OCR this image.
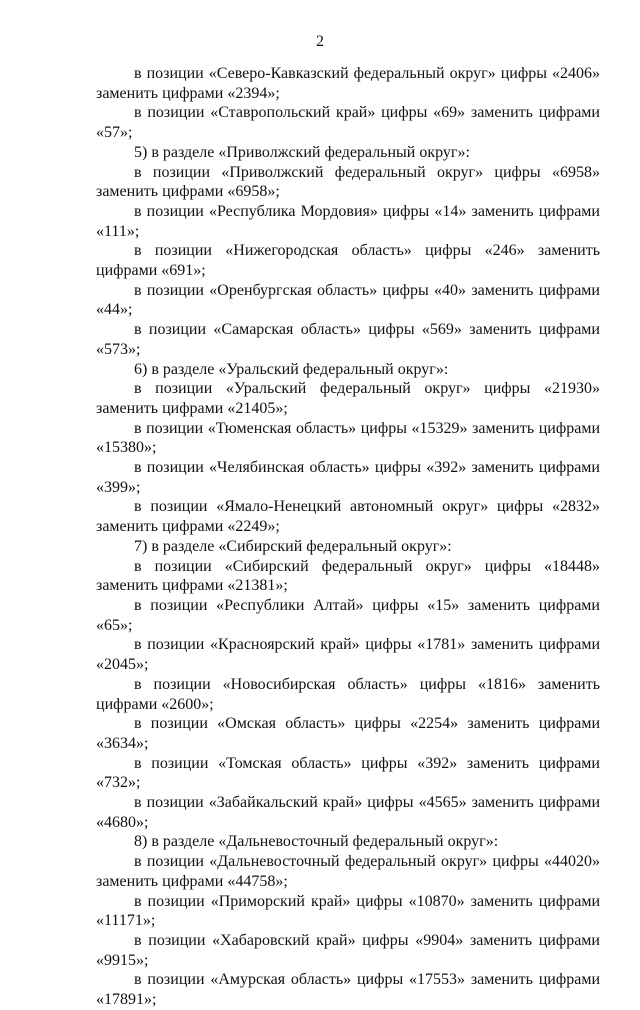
2

в позиции «Северо-Кавказский федеральный округ» цифры «2406» заменить цифрами «2394»;

в позиции «Ставропольский край» цифры «69» заменить цифрами «57»;

5) в разделе «Приволжский федеральный округ»:

в позиции «Приволжский федеральный округ» цифры «6958» заменить цифрами «6958»;

в позиции «Республика Мордовия» цифры «14» заменить цифрами «111»;

в позиции «Нижегородская область» цифры «246» заменить цифрами «691»;

в позиции «Оренбургская область» цифры «40» заменить цифрами «44»;

в позиции «Самарская область» цифры «569» заменить цифрами «573»;

6) в разделе «Уральский федеральный округ»:

в позиции «Уральский федеральный округ» цифры «21930» заменить цифрами «21405»;

в позиции «Тюменская область» цифры «15329» заменить цифрами «15380»;

в позиции «Челябинская область» цифры «392» заменить цифрами «399»;

в позиции «Ямало-Ненецкий автономный округ» цифры «2832» заменить цифрами «2249»;

7) в разделе «Сибирский федеральный округ»:

в позиции «Сибирский федеральный округ» цифры «18448» заменить цифрами «21381»;

в позиции «Республики Алтай» цифры «15» заменить цифрами «65»;

в позиции «Красноярский край» цифры «1781» заменить цифрами «2045»;

в позиции «Новосибирская область» цифры «1816» заменить цифрами «2600»;

в позиции «Омская область» цифры «2254» заменить цифрами «3634»;

в позиции «Томская область» цифры «392» заменить цифрами «732»;

в позиции «Забайкальский край» цифры «4565» заменить цифрами «4680»;

8) в разделе «Дальневосточный федеральный округ»:

в позиции «Дальневосточный федеральный округ» цифры «44020» заменить цифрами «44758»;

в позиции «Приморский край» цифры «10870» заменить цифрами «11171»;

в позиции «Хабаровский край» цифры «9904» заменить цифрами «9915»;

в позиции «Амурская область» цифры «17553» заменить цифрами «17891»;
